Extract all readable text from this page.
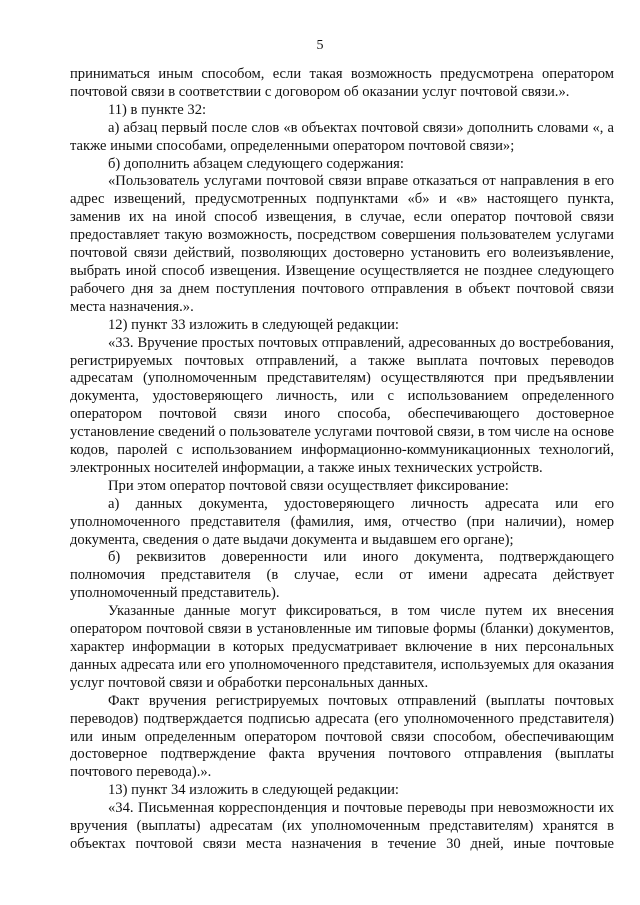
5

приниматься иным способом, если такая возможность предусмотрена оператором почтовой связи в соответствии с договором об оказании услуг почтовой связи.».

11) в пункте 32:

а) абзац первый после слов «в объектах почтовой связи» дополнить словами «, а также иными способами, определенными оператором почтовой связи»;

б) дополнить абзацем следующего содержания:

«Пользователь услугами почтовой связи вправе отказаться от направления в его адрес извещений, предусмотренных подпунктами «б» и «в» настоящего пункта, заменив их на иной способ извещения, в случае, если оператор почтовой связи предоставляет такую возможность, посредством совершения пользователем услугами почтовой связи действий, позволяющих достоверно установить его волеизъявление, выбрать иной способ извещения. Извещение осуществляется не позднее следующего рабочего дня за днем поступления почтового отправления в объект почтовой связи места назначения.».

12) пункт 33 изложить в следующей редакции:

«33. Вручение простых почтовых отправлений, адресованных до востребования, регистрируемых почтовых отправлений, а также выплата почтовых переводов адресатам (уполномоченным представителям) осуществляются при предъявлении документа, удостоверяющего личность, или с использованием определенного оператором почтовой связи иного способа, обеспечивающего достоверное установление сведений о пользователе услугами почтовой связи, в том числе на основе кодов, паролей с использованием информационно-коммуникационных технологий, электронных носителей информации, а также иных технических устройств.

При этом оператор почтовой связи осуществляет фиксирование:

а) данных документа, удостоверяющего личность адресата или его уполномоченного представителя (фамилия, имя, отчество (при наличии), номер документа, сведения о дате выдачи документа и выдавшем его органе);

б) реквизитов доверенности или иного документа, подтверждающего полномочия представителя (в случае, если от имени адресата действует уполномоченный представитель).

Указанные данные могут фиксироваться, в том числе путем их внесения оператором почтовой связи в установленные им типовые формы (бланки) документов, характер информации в которых предусматривает включение в них персональных данных адресата или его уполномоченного представителя, используемых для оказания услуг почтовой связи и обработки персональных данных.

Факт вручения регистрируемых почтовых отправлений (выплаты почтовых переводов) подтверждается подписью адресата (его уполномоченного представителя) или иным определенным оператором почтовой связи способом, обеспечивающим достоверное подтверждение факта вручения почтового отправления (выплаты почтового перевода).».

13) пункт 34 изложить в следующей редакции:

«34. Письменная корреспонденция и почтовые переводы при невозможности их вручения (выплаты) адресатам (их уполномоченным представителям) хранятся в объектах почтовой связи места назначения в течение 30 дней, иные почтовые
